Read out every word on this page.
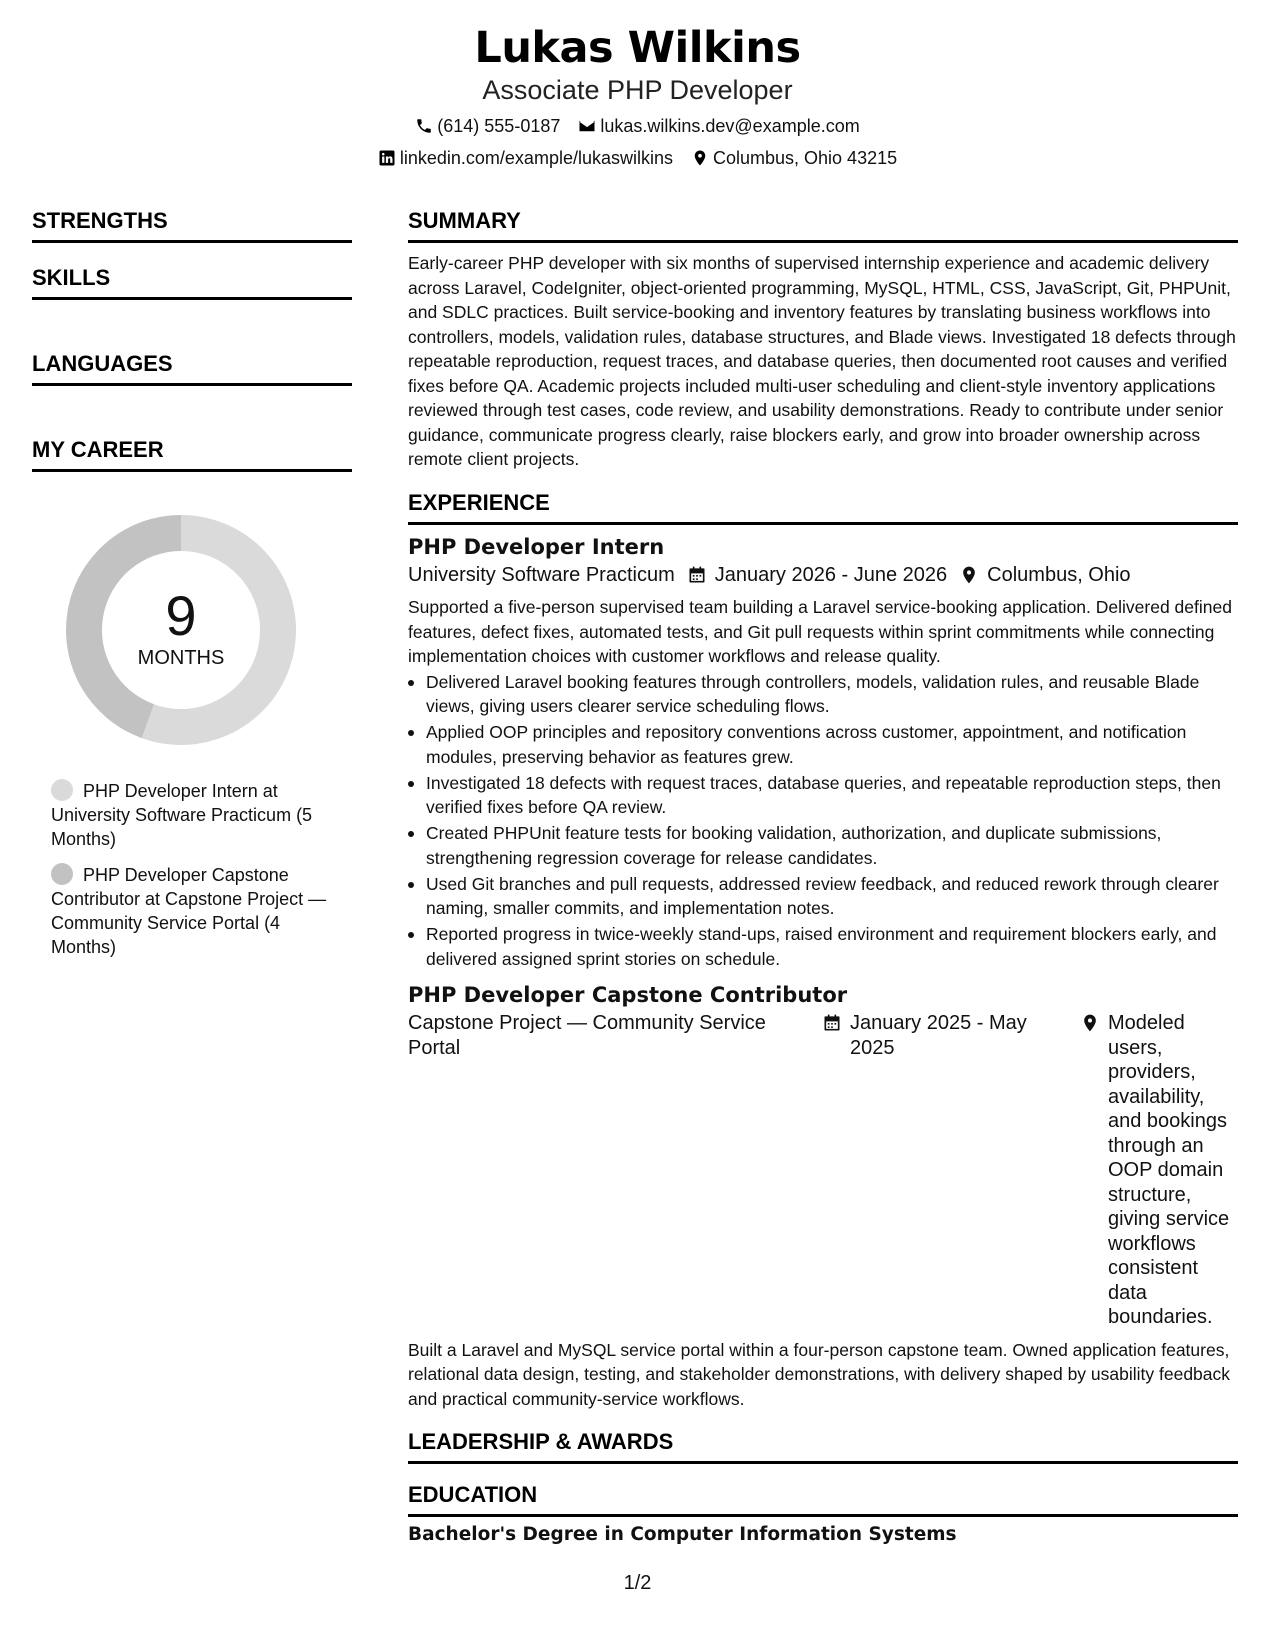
Lukas Wilkins
Associate PHP Developer
(614) 555-0187 lukas.wilkins.dev@example.com
linkedin.com/example/lukaswilkins Columbus, Ohio 43215
STRENGTHS
SKILLS
LANGUAGES
MY CAREER
9
MONTHS
PHP Developer Intern at University Software Practicum (5 Months)
PHP Developer Capstone Contributor at Capstone Project — Community Service Portal (4 Months)
SUMMARY

Early-career PHP developer with six months of supervised internship experience and academic delivery across Laravel, CodeIgniter, object-oriented programming, MySQL, HTML, CSS, JavaScript, Git, PHPUnit, and SDLC practices. Built service-booking and inventory features by translating business workflows into controllers, models, validation rules, database structures, and Blade views. Investigated 18 defects through repeatable reproduction, request traces, and database queries, then documented root causes and verified fixes before QA. Academic projects included multi-user scheduling and client-style inventory applications reviewed through test cases, code review, and usability demonstrations. Ready to contribute under senior guidance, communicate progress clearly, raise blockers early, and grow into broader ownership across remote client projects.

EXPERIENCE
PHP Developer Intern
University Software Practicum January 2026 - June 2026 Columbus, Ohio

Supported a five-person supervised team building a Laravel service-booking application. Delivered defined features, defect fixes, automated tests, and Git pull requests within sprint commitments while connecting implementation choices with customer workflows and release quality.

Delivered Laravel booking features through controllers, models, validation rules, and reusable Blade views, giving users clearer service scheduling flows.
Applied OOP principles and repository conventions across customer, appointment, and notification modules, preserving behavior as features grew.
Investigated 18 defects with request traces, database queries, and repeatable reproduction steps, then verified fixes before QA review.
Created PHPUnit feature tests for booking validation, authorization, and duplicate submissions, strengthening regression coverage for release candidates.
Used Git branches and pull requests, addressed review feedback, and reduced rework through clearer naming, smaller commits, and implementation notes.
Reported progress in twice-weekly stand-ups, raised environment and requirement blockers early, and delivered assigned sprint stories on schedule.
PHP Developer Capstone Contributor
Capstone Project — Community Service Portal
January 2025 - May 2025
Modeled users, providers, availability, and bookings through an OOP domain structure, giving service workflows consistent data boundaries.

Built a Laravel and MySQL service portal within a four-person capstone team. Owned application features, relational data design, testing, and stakeholder demonstrations, with delivery shaped by usability feedback and practical community-service workflows.

LEADERSHIP & AWARDS
EDUCATION
Bachelor's Degree in Computer Information Systems
1/2
